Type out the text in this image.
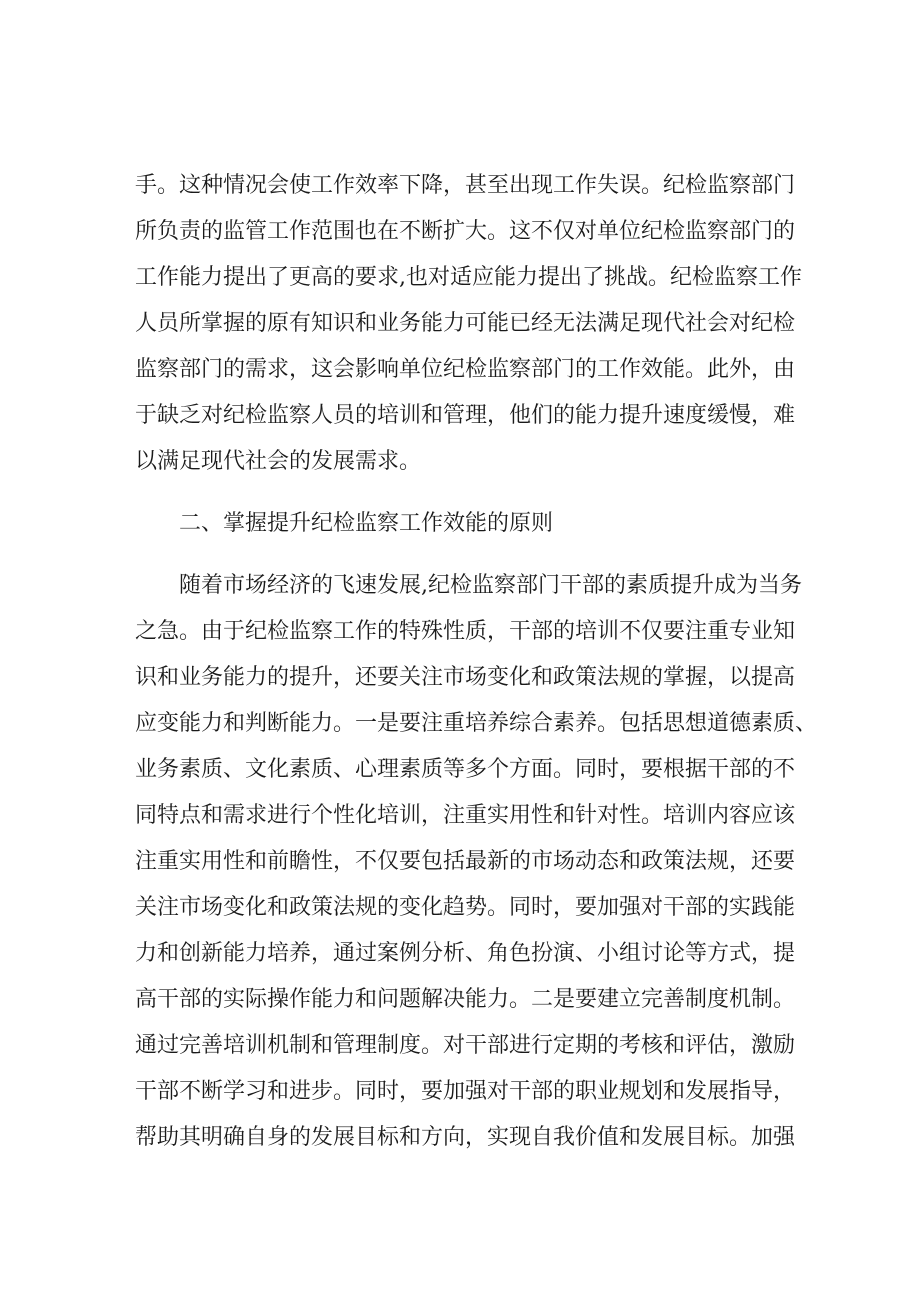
手。这种情况会使工作效率下降，甚至出现工作失误。纪检监察部门
所负责的监管工作范围也在不断扩大。这不仅对单位纪检监察部门的
工作能力提出了更高的要求,也对适应能力提出了挑战。纪检监察工作
人员所掌握的原有知识和业务能力可能已经无法满足现代社会对纪检
监察部门的需求，这会影响单位纪检监察部门的工作效能。此外，由
于缺乏对纪检监察人员的培训和管理，他们的能力提升速度缓慢，难
以满足现代社会的发展需求。
二、掌握提升纪检监察工作效能的原则
随着市场经济的飞速发展,纪检监察部门干部的素质提升成为当务
之急。由于纪检监察工作的特殊性质，干部的培训不仅要注重专业知
识和业务能力的提升，还要关注市场变化和政策法规的掌握，以提高
应变能力和判断能力。一是要注重培养综合素养。包括思想道德素质、
业务素质、文化素质、心理素质等多个方面。同时，要根据干部的不
同特点和需求进行个性化培训，注重实用性和针对性。培训内容应该
注重实用性和前瞻性，不仅要包括最新的市场动态和政策法规，还要
关注市场变化和政策法规的变化趋势。同时，要加强对干部的实践能
力和创新能力培养，通过案例分析、角色扮演、小组讨论等方式，提
高干部的实际操作能力和问题解决能力。二是要建立完善制度机制。
通过完善培训机制和管理制度。对干部进行定期的考核和评估，激励
干部不断学习和进步。同时，要加强对干部的职业规划和发展指导，
帮助其明确自身的发展目标和方向，实现自我价值和发展目标。加强
